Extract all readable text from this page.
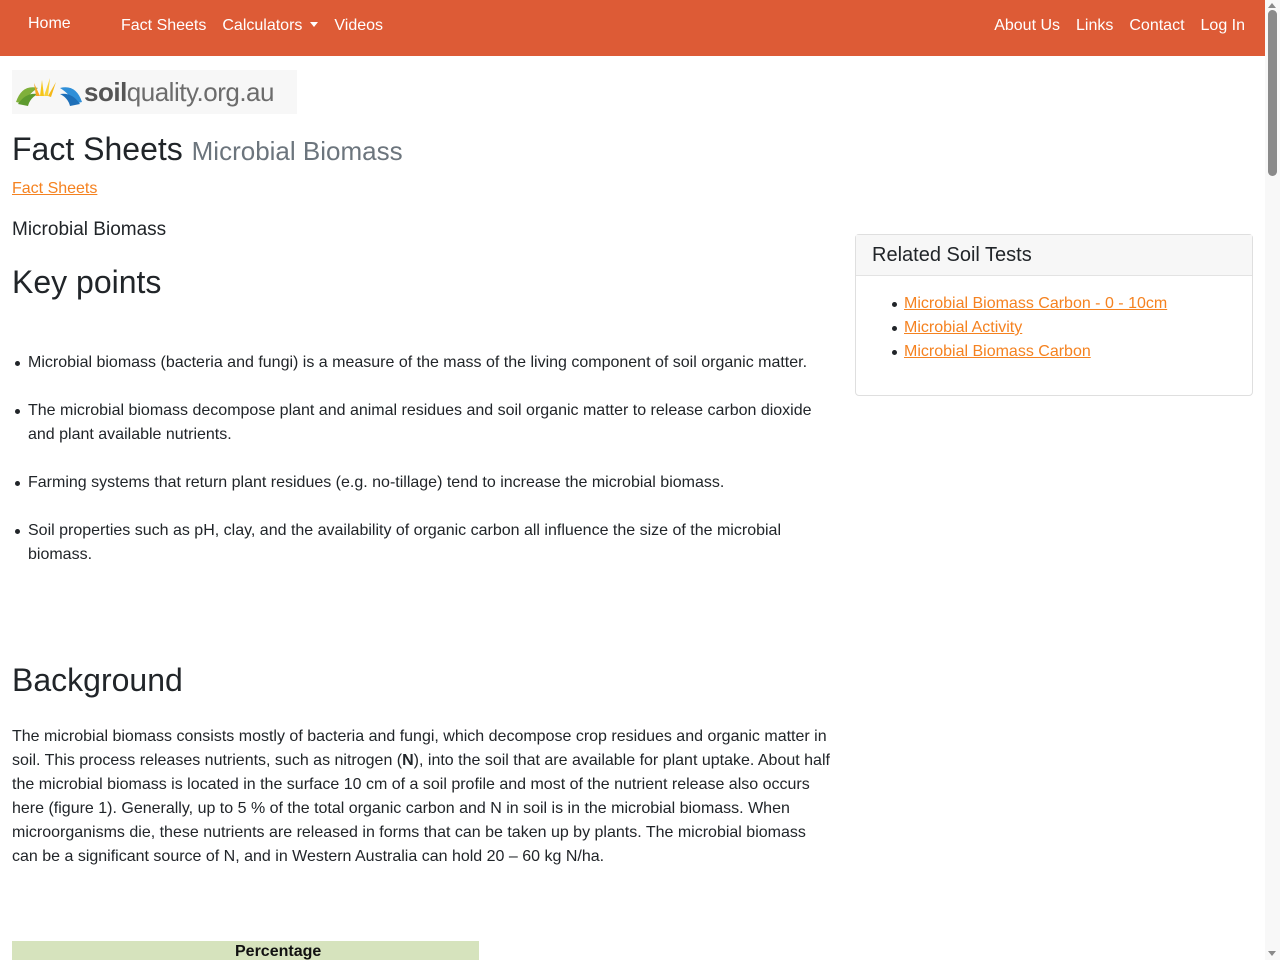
Home	Fact Sheets Calculators	Videos	About Us Links Contact Log In
soilquality.org.au
Fact Sheets Microbial Biomass
Fact Sheets
Microbial Biomass
Key points
Microbial biomass (bacteria and fungi) is a measure of the mass of the living component of soil organic matter.
The microbial biomass decompose plant and animal residues and soil organic matter to release carbon dioxide and plant available nutrients.
Farming systems that return plant residues (e.g. no-tillage) tend to increase the microbial biomass.
Soil properties such as pH, clay, and the availability of organic carbon all influence the size of the microbial biomass.
Background

The microbial biomass consists mostly of bacteria and fungi, which decompose crop residues and organic matter in soil. This process releases nutrients, such as nitrogen (N), into the soil that are available for plant uptake. About half the microbial biomass is located in the surface 10 cm of a soil profile and most of the nutrient release also occurs here (figure 1). Generally, up to 5 % of the total organic carbon and N in soil is in the microbial biomass. When microorganisms die, these nutrients are released in forms that can be taken up by plants. The microbial biomass can be a significant source of N, and in Western Australia can hold 20 – 60 kg N/ha.

Percentage
Related Soil Tests
Microbial Biomass Carbon - 0 - 10cm
Microbial Activity
Microbial Biomass Carbon
